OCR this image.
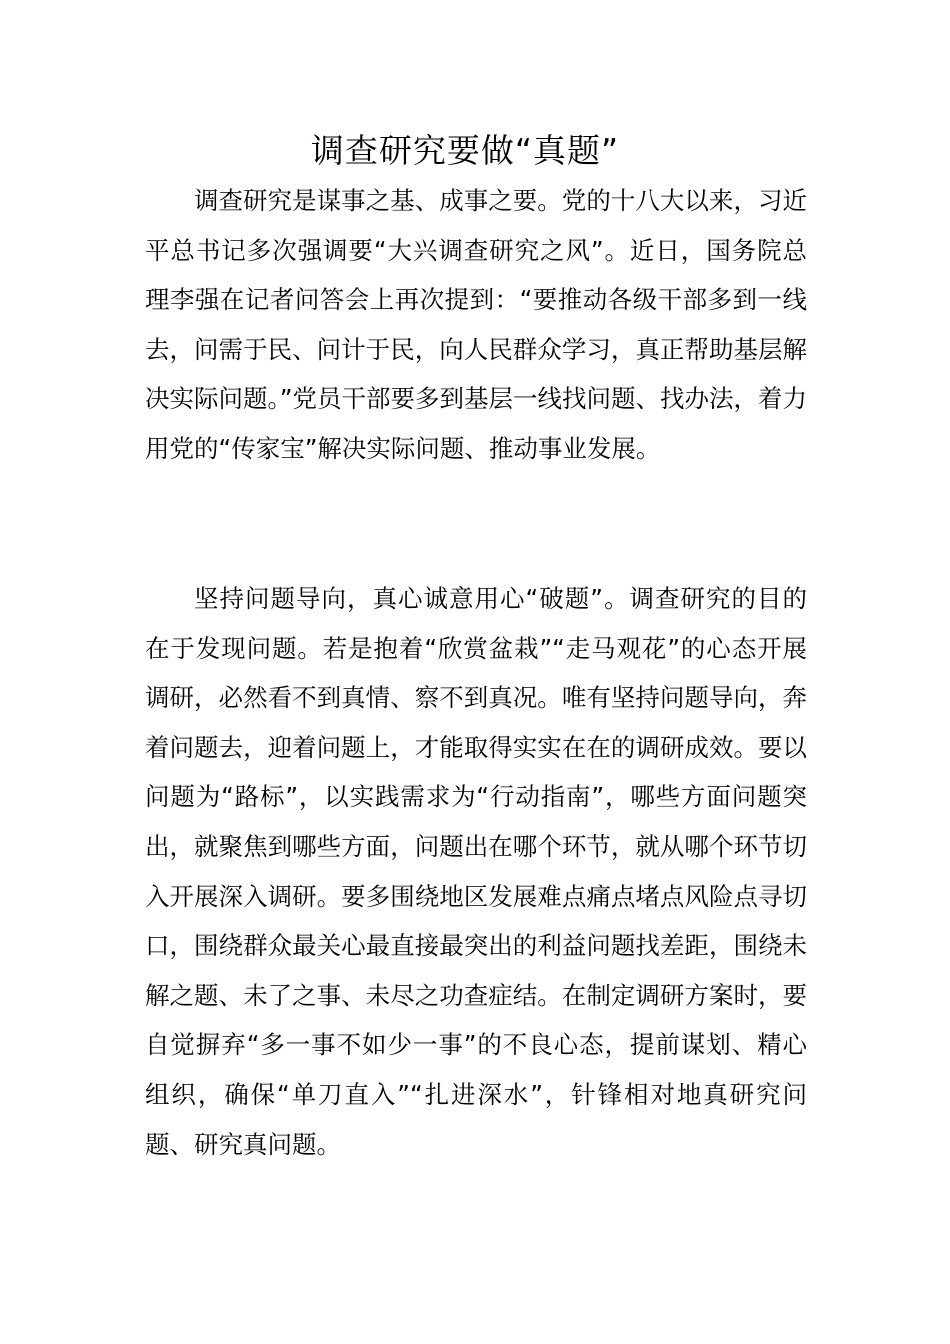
调查研究要做“真题”

调查研究是谋事之基、成事之要。党的十八大以来，习近平总书记多次强调要“大兴调查研究之风”。近日，国务院总理李强在记者问答会上再次提到：“要推动各级干部多到一线去，问需于民、问计于民，向人民群众学习，真正帮助基层解决实际问题。”党员干部要多到基层一线找问题、找办法，着力用党的“传家宝”解决实际问题、推动事业发展。

坚持问题导向，真心诚意用心“破题”。调查研究的目的在于发现问题。若是抱着“欣赏盆栽”“走马观花”的心态开展调研，必然看不到真情、察不到真况。唯有坚持问题导向，奔着问题去，迎着问题上，才能取得实实在在的调研成效。要以问题为“路标”，以实践需求为“行动指南”，哪些方面问题突出，就聚焦到哪些方面，问题出在哪个环节，就从哪个环节切入开展深入调研。要多围绕地区发展难点痛点堵点风险点寻切口，围绕群众最关心最直接最突出的利益问题找差距，围绕未解之题、未了之事、未尽之功查症结。在制定调研方案时，要自觉摒弃“多一事不如少一事”的不良心态，提前谋划、精心组织，确保“单刀直入”“扎进深水”，针锋相对地真研究问题、研究真问题。
